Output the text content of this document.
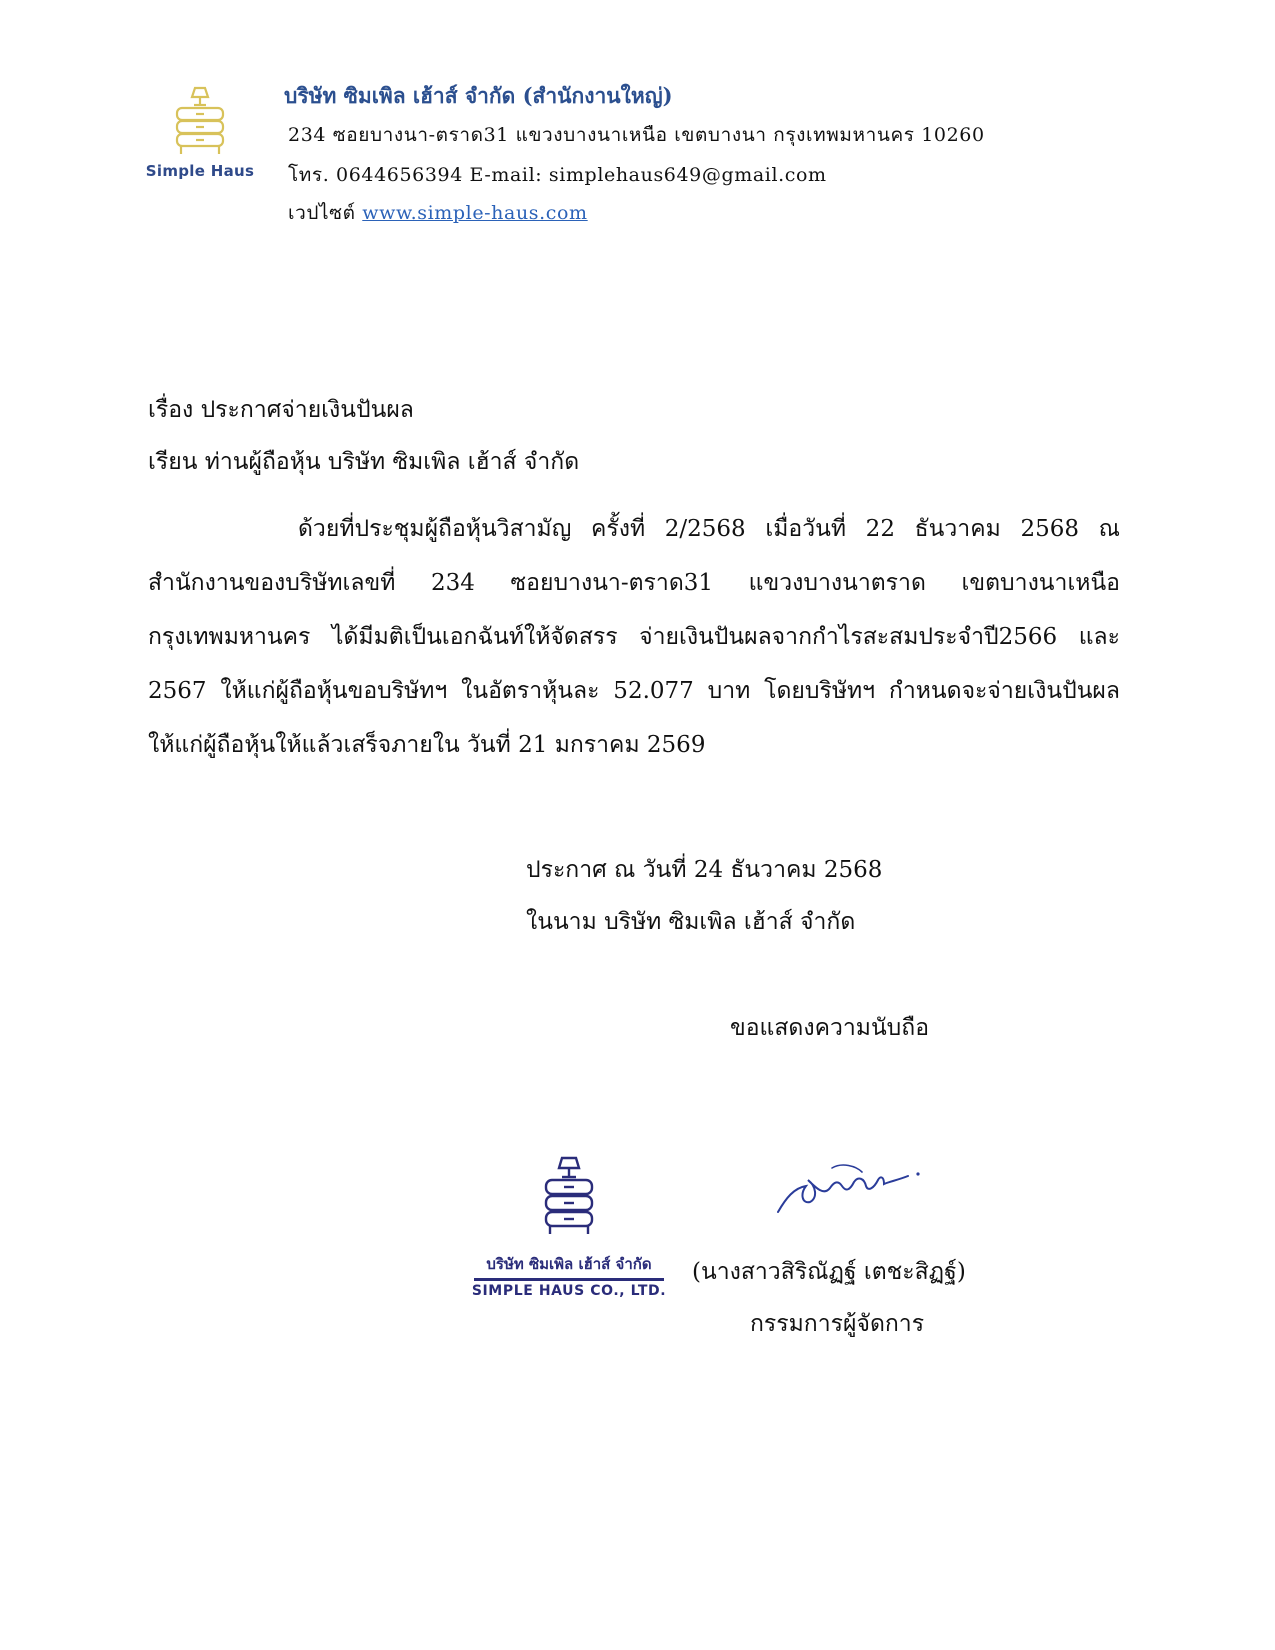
Simple Haus
บริษัท ซิมเพิล เฮ้าส์ จำกัด (สำนักงานใหญ่)
234 ซอยบางนา-ตราด31 แขวงบางนาเหนือ เขตบางนา กรุงเทพมหานคร 10260
โทร. 0644656394 E-mail: simplehaus649@gmail.com
เวปไซต์ www.simple-haus.com
เรื่อง ประกาศจ่ายเงินปันผล
เรียน ท่านผู้ถือหุ้น บริษัท ซิมเพิล เฮ้าส์ จำกัด
ด้วยที่ประชุมผู้ถือหุ้นวิสามัญ ครั้งที่ 2/2568 เมื่อวันที่ 22 ธันวาคม 2568 ณ
สำนักงานของบริษัทเลขที่ 234 ซอยบางนา-ตราด31 แขวงบางนาตราด เขตบางนาเหนือ
กรุงเทพมหานคร ได้มีมติเป็นเอกฉันท์ให้จัดสรร จ่ายเงินปันผลจากกำไรสะสมประจำปี2566 และ
2567 ให้แก่ผู้ถือหุ้นขอบริษัทฯ ในอัตราหุ้นละ 52.077 บาท โดยบริษัทฯ กำหนดจะจ่ายเงินปันผล
ให้แก่ผู้ถือหุ้นให้แล้วเสร็จภายใน วันที่ 21 มกราคม 2569
ประกาศ ณ วันที่ 24 ธันวาคม 2568
ในนาม บริษัท ซิมเพิล เฮ้าส์ จำกัด
ขอแสดงความนับถือ
บริษัท ซิมเพิล เฮ้าส์ จำกัด
SIMPLE HAUS CO., LTD.
(นางสาวสิริณัฏฐ์ เตชะสิฏฐ์)
กรรมการผู้จัดการ
